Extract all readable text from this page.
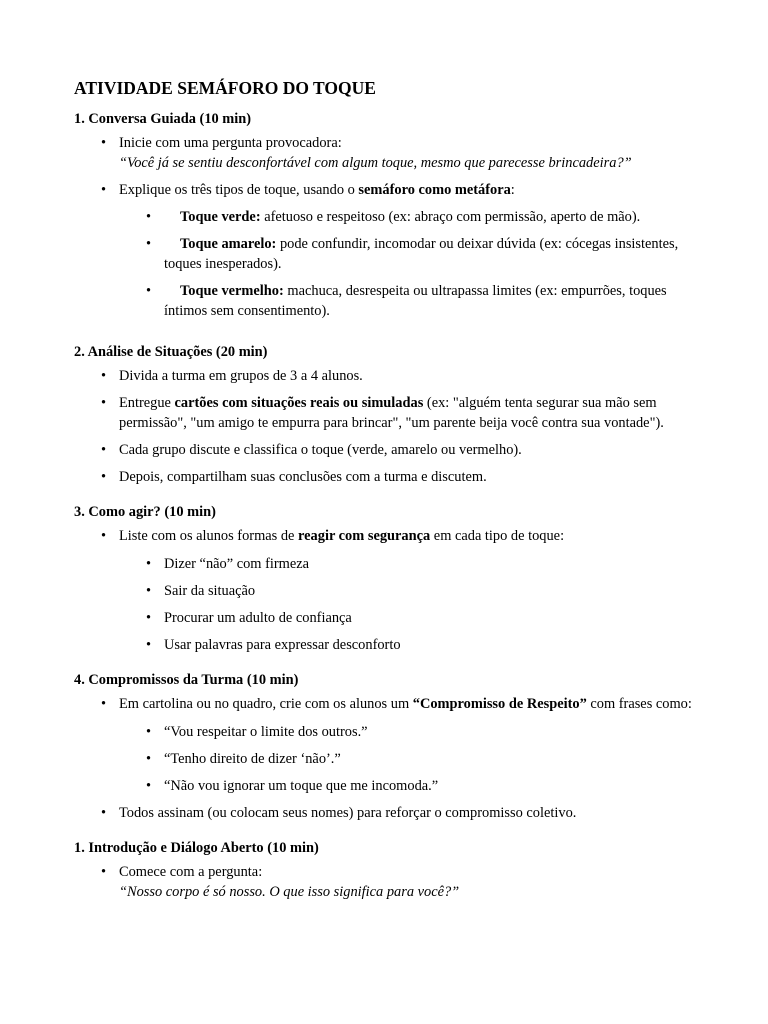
ATIVIDADE SEMÁFORO DO TOQUE
1. Conversa Guiada (10 min)
• Inicie com uma pergunta provocadora:
“Você já se sentiu desconfortável com algum toque, mesmo que parecesse brincadeira?”
• Explique os três tipos de toque, usando o semáforo como metáfora:
• Toque verde: afetuoso e respeitoso (ex: abraço com permissão, aperto de mão).
• Toque amarelo: pode confundir, incomodar ou deixar dúvida (ex: cócegas insistentes, toques inesperados).
• Toque vermelho: machuca, desrespeita ou ultrapassa limites (ex: empurrões, toques íntimos sem consentimento).
2. Análise de Situações (20 min)
• Divida a turma em grupos de 3 a 4 alunos.
• Entregue cartões com situações reais ou simuladas (ex: "alguém tenta segurar sua mão sem permissão", "um amigo te empurra para brincar", "um parente beija você contra sua vontade").
• Cada grupo discute e classifica o toque (verde, amarelo ou vermelho).
• Depois, compartilham suas conclusões com a turma e discutem.
3. Como agir? (10 min)
• Liste com os alunos formas de reagir com segurança em cada tipo de toque:
• Dizer “não” com firmeza
• Sair da situação
• Procurar um adulto de confiança
• Usar palavras para expressar desconforto
4. Compromissos da Turma (10 min)
• Em cartolina ou no quadro, crie com os alunos um “Compromisso de Respeito” com frases como:
• “Vou respeitar o limite dos outros.”
• “Tenho direito de dizer ‘não’.”
• “Não vou ignorar um toque que me incomoda.”
• Todos assinam (ou colocam seus nomes) para reforçar o compromisso coletivo.
1. Introdução e Diálogo Aberto (10 min)
• Comece com a pergunta:
“Nosso corpo é só nosso. O que isso significa para você?”
